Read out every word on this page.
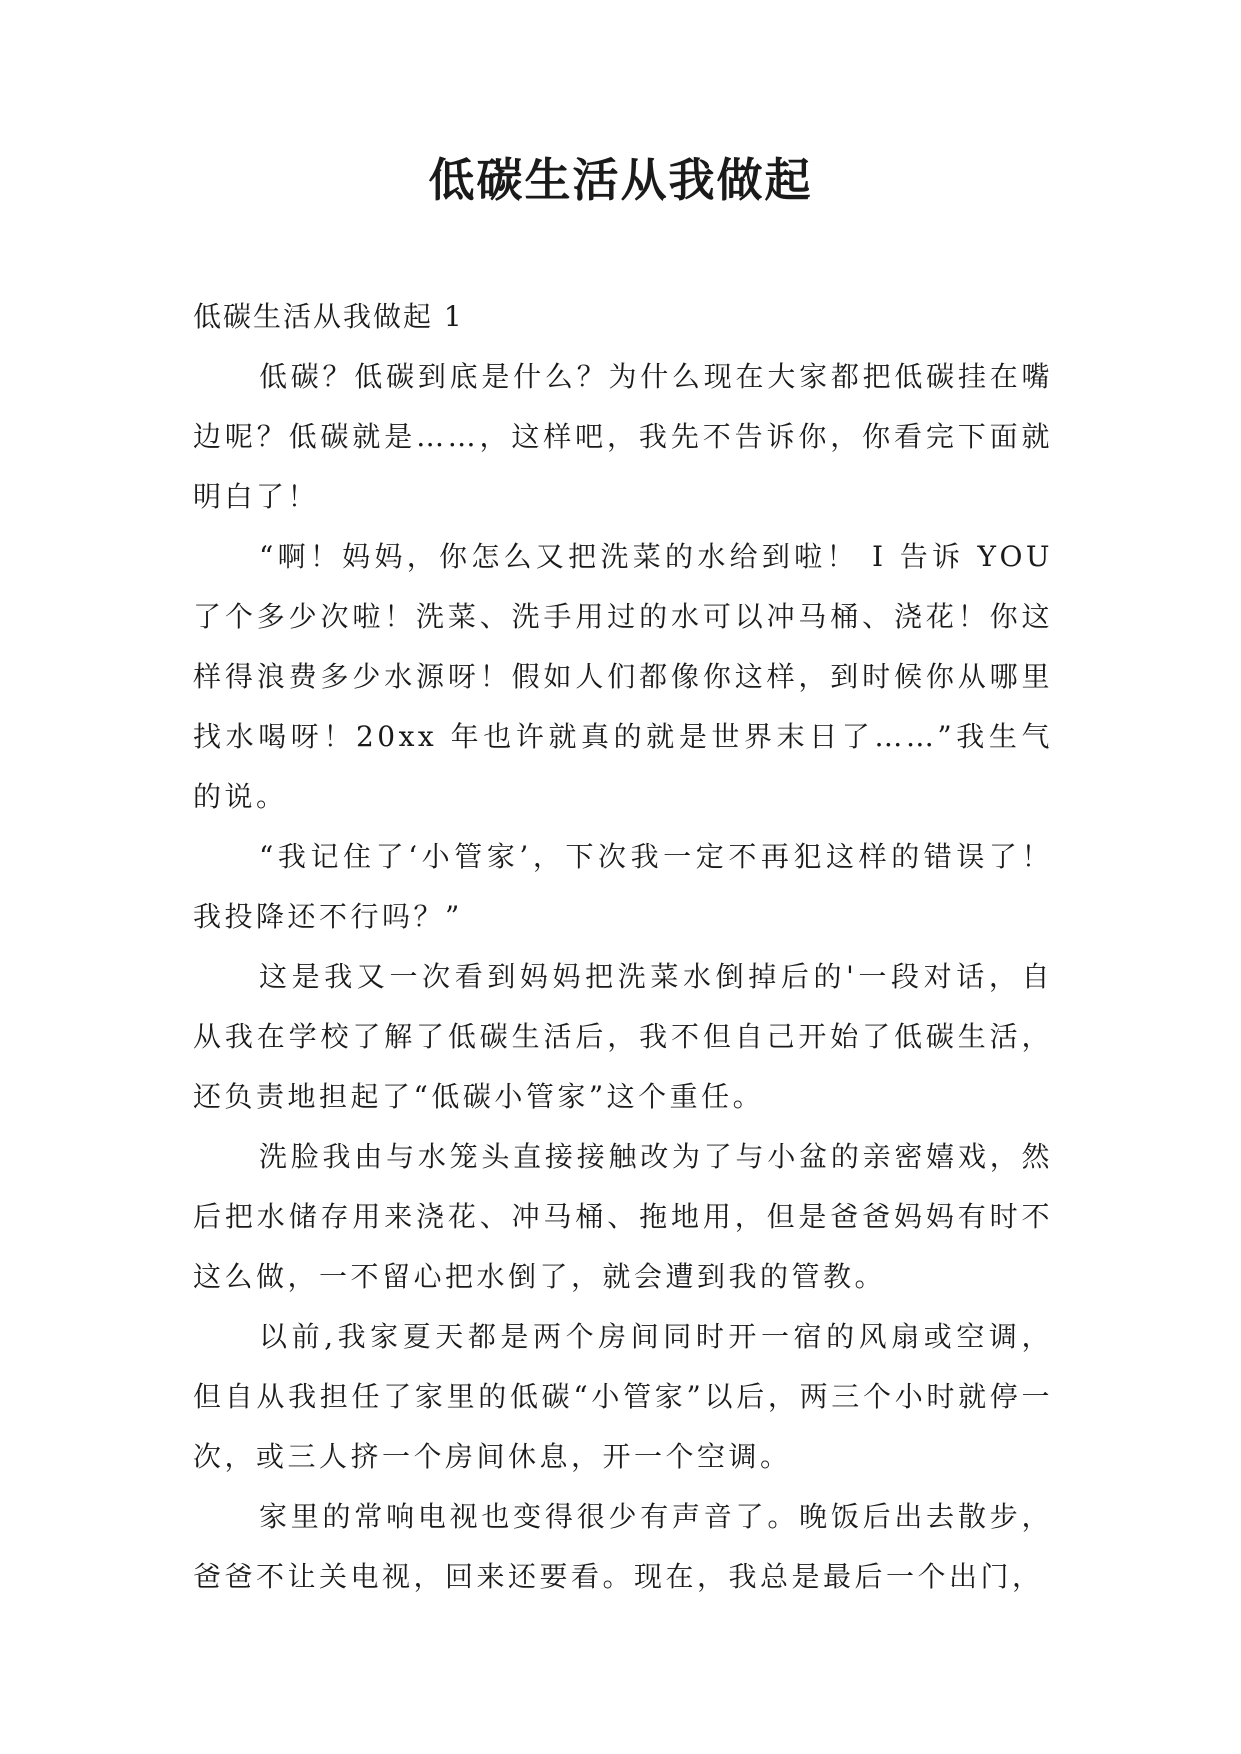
低碳生活从我做起
低碳生活从我做起 1

低碳？低碳到底是什么？为什么现在大家都把低碳挂在嘴边呢？低碳就是……，这样吧，我先不告诉你，你看完下面就明白了！

“啊！妈妈，你怎么又把洗菜的水给到啦！ I 告诉 YOU 了个多少次啦！洗菜、洗手用过的水可以冲马桶、浇花！你这样得浪费多少水源呀！假如人们都像你这样，到时候你从哪里找水喝呀！20xx 年也许就真的就是世界末日了……”我生气的说。

“我记住了‘小管家’，下次我一定不再犯这样的错误了！我投降还不行吗？”

这是我又一次看到妈妈把洗菜水倒掉后的'一段对话，自从我在学校了解了低碳生活后，我不但自己开始了低碳生活，还负责地担起了“低碳小管家”这个重任。

洗脸我由与水笼头直接接触改为了与小盆的亲密嬉戏，然后把水储存用来浇花、冲马桶、拖地用，但是爸爸妈妈有时不这么做，一不留心把水倒了，就会遭到我的管教。

以前,我家夏天都是两个房间同时开一宿的风扇或空调，但自从我担任了家里的低碳“小管家”以后，两三个小时就停一次，或三人挤一个房间休息，开一个空调。

家里的常响电视也变得很少有声音了。晚饭后出去散步，爸爸不让关电视，回来还要看。现在，我总是最后一个出门，
